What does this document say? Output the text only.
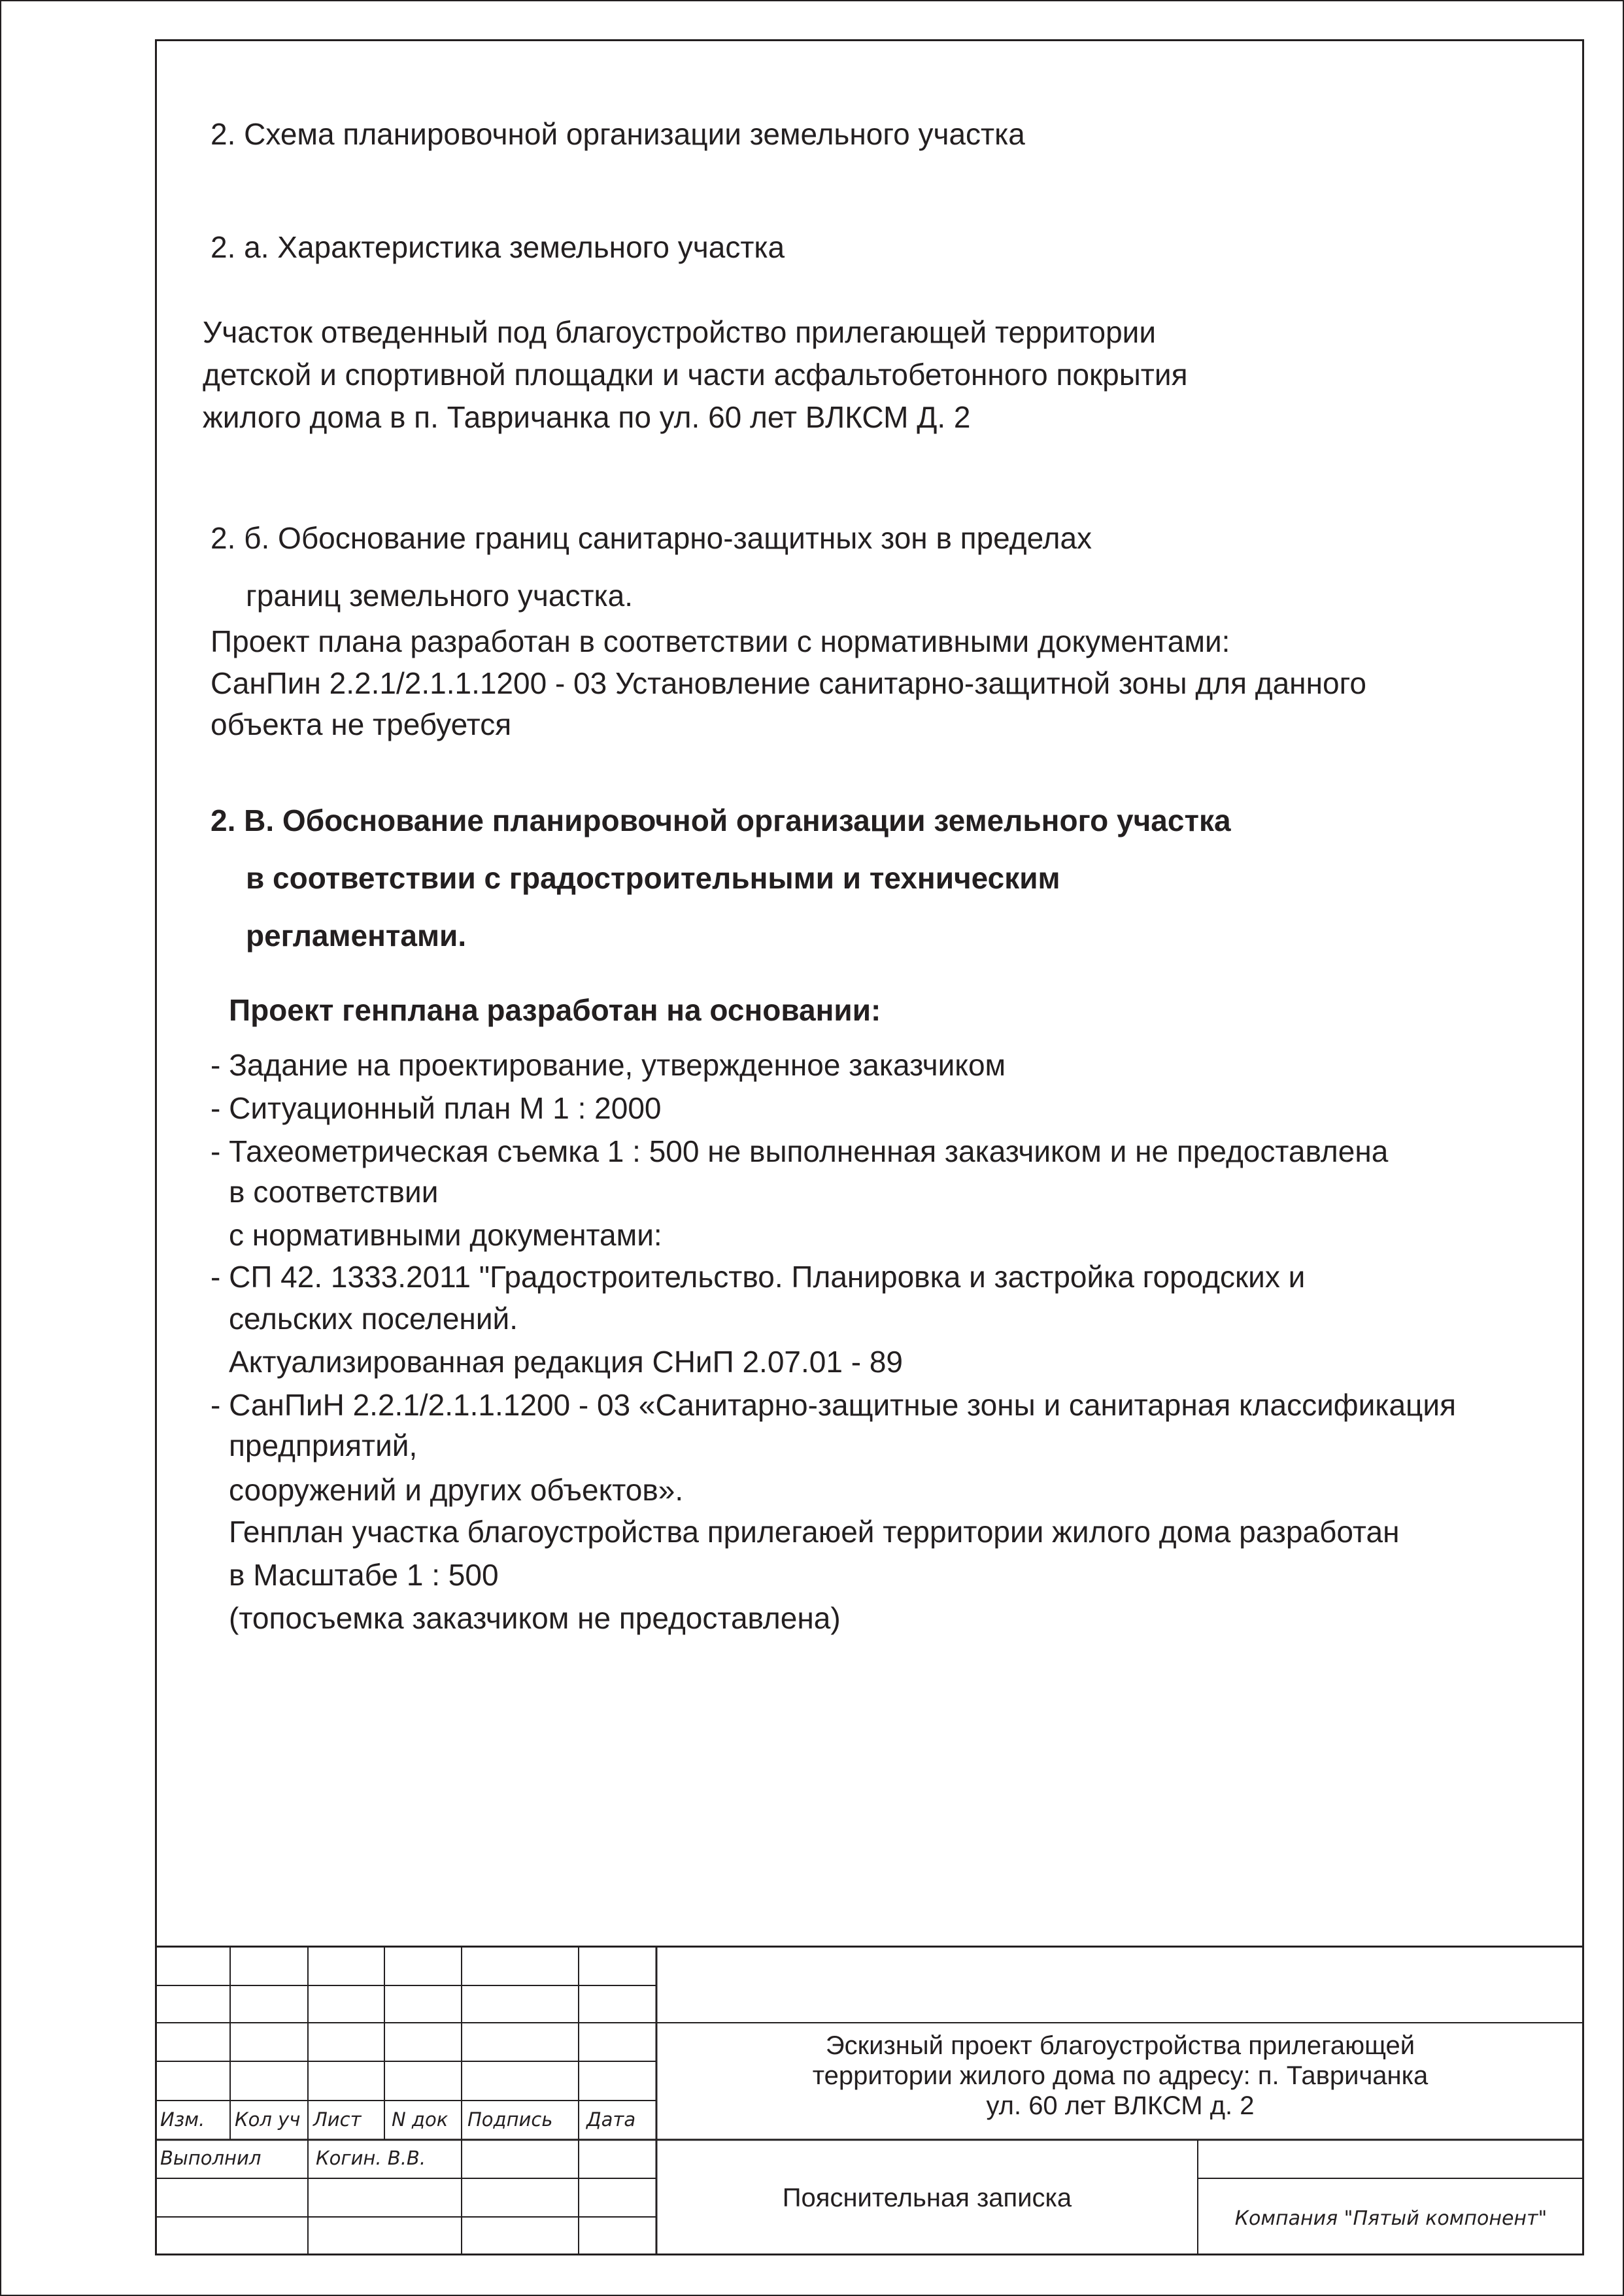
2. Схема планировочной организации земельного участка
2. а. Характеристика земельного участка
Участок отведенный под благоустройство прилегающей территории
детской и спортивной площадки и части асфальтобетонного покрытия
жилого дома в п. Тавричанка по ул. 60 лет ВЛКСМ Д. 2
2. б. Обоснование границ санитарно-защитных зон в пределах
границ земельного участка.
Проект плана разработан в соответствии с нормативными документами:
СанПин 2.2.1/2.1.1.1200 - 03 Установление санитарно-защитной зоны для данного
объекта не требуется
2. В. Обоснование планировочной организации земельного участка
в соответствии с градостроительными и техническим
регламентами.
Проект генплана разработан на основании:
- Задание на проектирование, утвержденное заказчиком
- Ситуационный план М 1 : 2000
- Тахеометрическая съемка 1 : 500 не выполненная заказчиком и не предоставлена
в соответствии
с нормативными документами:
- СП 42. 1333.2011 "Градостроительство. Планировка и застройка городских и
сельских поселений.
Актуализированная редакция СНиП 2.07.01 - 89
- СанПиН 2.2.1/2.1.1.1200 - 03 «Санитарно-защитные зоны и санитарная классификация
предприятий,
сооружений и других объектов».
Генплан участка благоустройства прилегаюей территории жилого дома разработан
в Масштабе 1 : 500
(топосъемка заказчиком не предоставлена)
Изм. Кол уч Лист N док Подпись Дата
Выполнил	Когин. В.В.
Эскизный проект благоустройства прилегающей
территории жилого дома по адресу: п. Тавричанка
ул. 60 лет ВЛКСМ д. 2
Пояснительная записка
Компания "Пятый компонент"
